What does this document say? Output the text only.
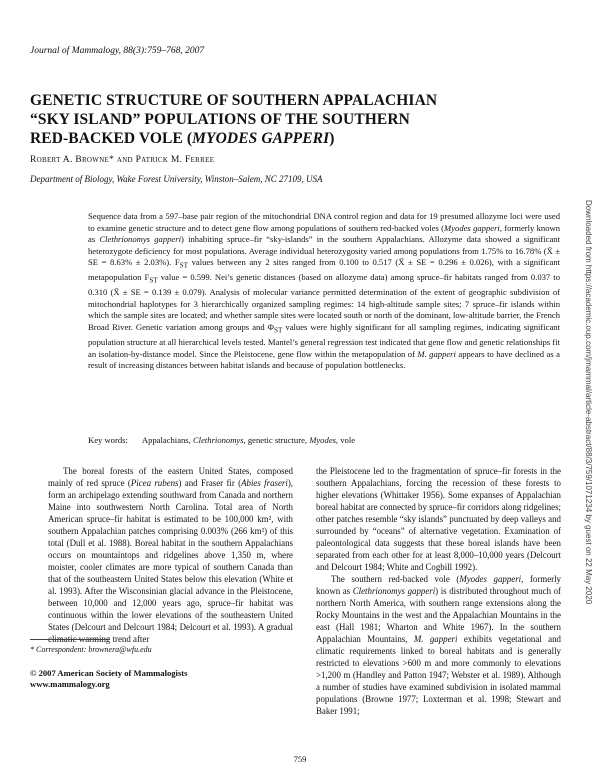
Journal of Mammalogy, 88(3):759–768, 2007
GENETIC STRUCTURE OF SOUTHERN APPALACHIAN
“SKY ISLAND” POPULATIONS OF THE SOUTHERN
RED-BACKED VOLE (MYODES GAPPERI)
Robert A. Browne* and Patrick M. Ferree
Department of Biology, Wake Forest University, Winston–Salem, NC 27109, USA
Sequence data from a 597–base pair region of the mitochondrial DNA control region and data for 19 presumed allozyme loci were used to examine genetic structure and to detect gene flow among populations of southern red-backed voles (Myodes gapperi, formerly known as Clethrionomys gapperi) inhabiting spruce–fir “sky-islands” in the southern Appalachians. Allozyme data showed a significant heterozygote deficiency for most populations. Average individual heterozygosity varied among populations from 1.75% to 16.78% (X̄ ± SE = 8.63% ± 2.03%). $F_{ST}$ values between any 2 sites ranged from 0.100 to 0.517 (X̄ ± SE = 0.296 ± 0.026), with a significant metapopulation $F_{ST}$ value = 0.599. Nei’s genetic distances (based on allozyme data) among spruce–fir habitats ranged from 0.037 to 0.310 (X̄ ± SE = 0.139 ± 0.079). Analysis of molecular variance permitted determination of the extent of geographic subdivision of mitochondrial haplotypes for 3 hierarchically organized sampling regimes: 14 high-altitude sample sites; 7 spruce–fir islands within which the sample sites are located; and whether sample sites were located south or north of the dominant, low-altitude barrier, the French Broad River. Genetic variation among groups and $\Phi_{ST}$ values were highly significant for all sampling regimes, indicating significant population structure at all hierarchical levels tested. Mantel’s general regression test indicated that gene flow and genetic relationships fit an isolation-by-distance model. Since the Pleistocene, gene flow within the metapopulation of M. gapperi appears to have declined as a result of increasing distances between habitat islands and because of population bottlenecks.
Key words: Appalachians, Clethrionomys, genetic structure, Myodes, vole

The boreal forests of the eastern United States, composed mainly of red spruce (Picea rubens) and Fraser fir (Abies fraseri), form an archipelago extending southward from Canada and northern Maine into southwestern North Carolina. Total area of North American spruce–fir habitat is estimated to be 100,000 km², with southern Appalachian patches comprising 0.003% (266 km²) of this total (Dull et al. 1988). Boreal habitat in the southern Appalachians occurs on mountaintops and ridgelines above 1,350 m, where moister, cooler climates are more typical of southern Canada than that of the southeastern United States below this elevation (White et al. 1993). After the Wisconsinian glacial advance in the Pleistocene, between 10,000 and 12,000 years ago, spruce–fir habitat was continuous within the lower elevations of the southeastern United States (Delcourt and Delcourt 1984; Delcourt et al. 1993). A gradual climatic warming trend after

the Pleistocene led to the fragmentation of spruce–fir forests in the southern Appalachians, forcing the recession of these forests to higher elevations (Whittaker 1956). Some expanses of Appalachian boreal habitat are connected by spruce–fir corridors along ridgelines; other patches resemble “sky islands” punctuated by deep valleys and surrounded by “oceans” of alternative vegetation. Examination of paleontological data suggests that these boreal islands have been separated from each other for at least 8,000–10,000 years (Delcourt and Delcourt 1984; White and Cogbill 1992).

The southern red-backed vole (Myodes gapperi, formerly known as Clethrionomys gapperi) is distributed throughout much of northern North America, with southern range extensions along the Rocky Mountains in the west and the Appalachian Mountains in the east (Hall 1981; Wharton and White 1967). In the southern Appalachian Mountains, M. gapperi exhibits vegetational and climatic requirements linked to boreal habitats and is generally restricted to elevations >600 m and more commonly to elevations >1,200 m (Handley and Patton 1947; Webster et al. 1989). Although a number of studies have examined subdivision in isolated mammal populations (Browne 1977; Loxterman et al. 1998; Stewart and Baker 1991;

* Correspondent: brownera@wfu.edu
© 2007 American Society of Mammalogists
www.mammalogy.org
759
Downloaded from https://academic.oup.com/jmammal/article-abstract/88/3/759/1071234 by guest on 22 May 2020
